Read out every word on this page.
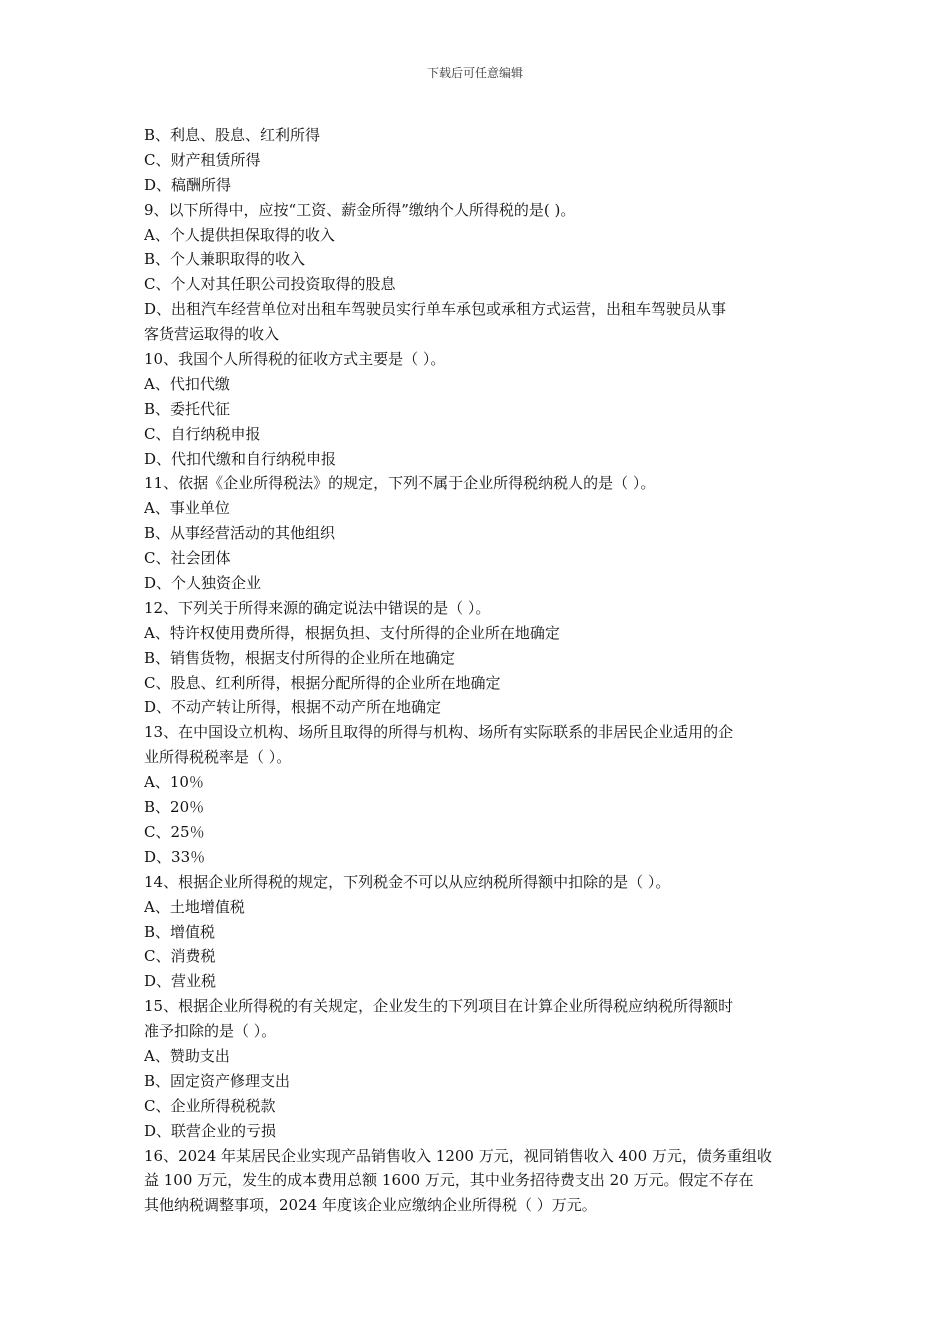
下载后可任意编辑
B、利息、股息、红利所得
C、财产租赁所得
D、稿酬所得
9、以下所得中，应按“工资、薪金所得”缴纳个人所得税的是( )。
A、个人提供担保取得的收入
B、个人兼职取得的收入
C、个人对其任职公司投资取得的股息
D、出租汽车经营单位对出租车驾驶员实行单车承包或承租方式运营，出租车驾驶员从事
客货营运取得的收入
10、我国个人所得税的征收方式主要是（ ）。
A、代扣代缴
B、委托代征
C、自行纳税申报
D、代扣代缴和自行纳税申报
11、依据《企业所得税法》的规定，下列不属于企业所得税纳税人的是（ ）。
A、事业单位
B、从事经营活动的其他组织
C、社会团体
D、个人独资企业
12、下列关于所得来源的确定说法中错误的是（ ）。
A、特许权使用费所得，根据负担、支付所得的企业所在地确定
B、销售货物，根据支付所得的企业所在地确定
C、股息、红利所得，根据分配所得的企业所在地确定
D、不动产转让所得，根据不动产所在地确定
13、在中国设立机构、场所且取得的所得与机构、场所有实际联系的非居民企业适用的企
业所得税税率是（ ）。
A、10％
B、20％
C、25％
D、33％
14、根据企业所得税的规定，下列税金不可以从应纳税所得额中扣除的是（ ）。
A、土地增值税
B、增值税
C、消费税
D、营业税
15、根据企业所得税的有关规定，企业发生的下列项目在计算企业所得税应纳税所得额时
准予扣除的是（ ）。
A、赞助支出
B、固定资产修理支出
C、企业所得税税款
D、联营企业的亏损
16、2024 年某居民企业实现产品销售收入 1200 万元，视同销售收入 400 万元，债务重组收
益 100 万元，发生的成本费用总额 1600 万元，其中业务招待费支出 20 万元。假定不存在
其他纳税调整事项，2024 年度该企业应缴纳企业所得税（ ）万元。
